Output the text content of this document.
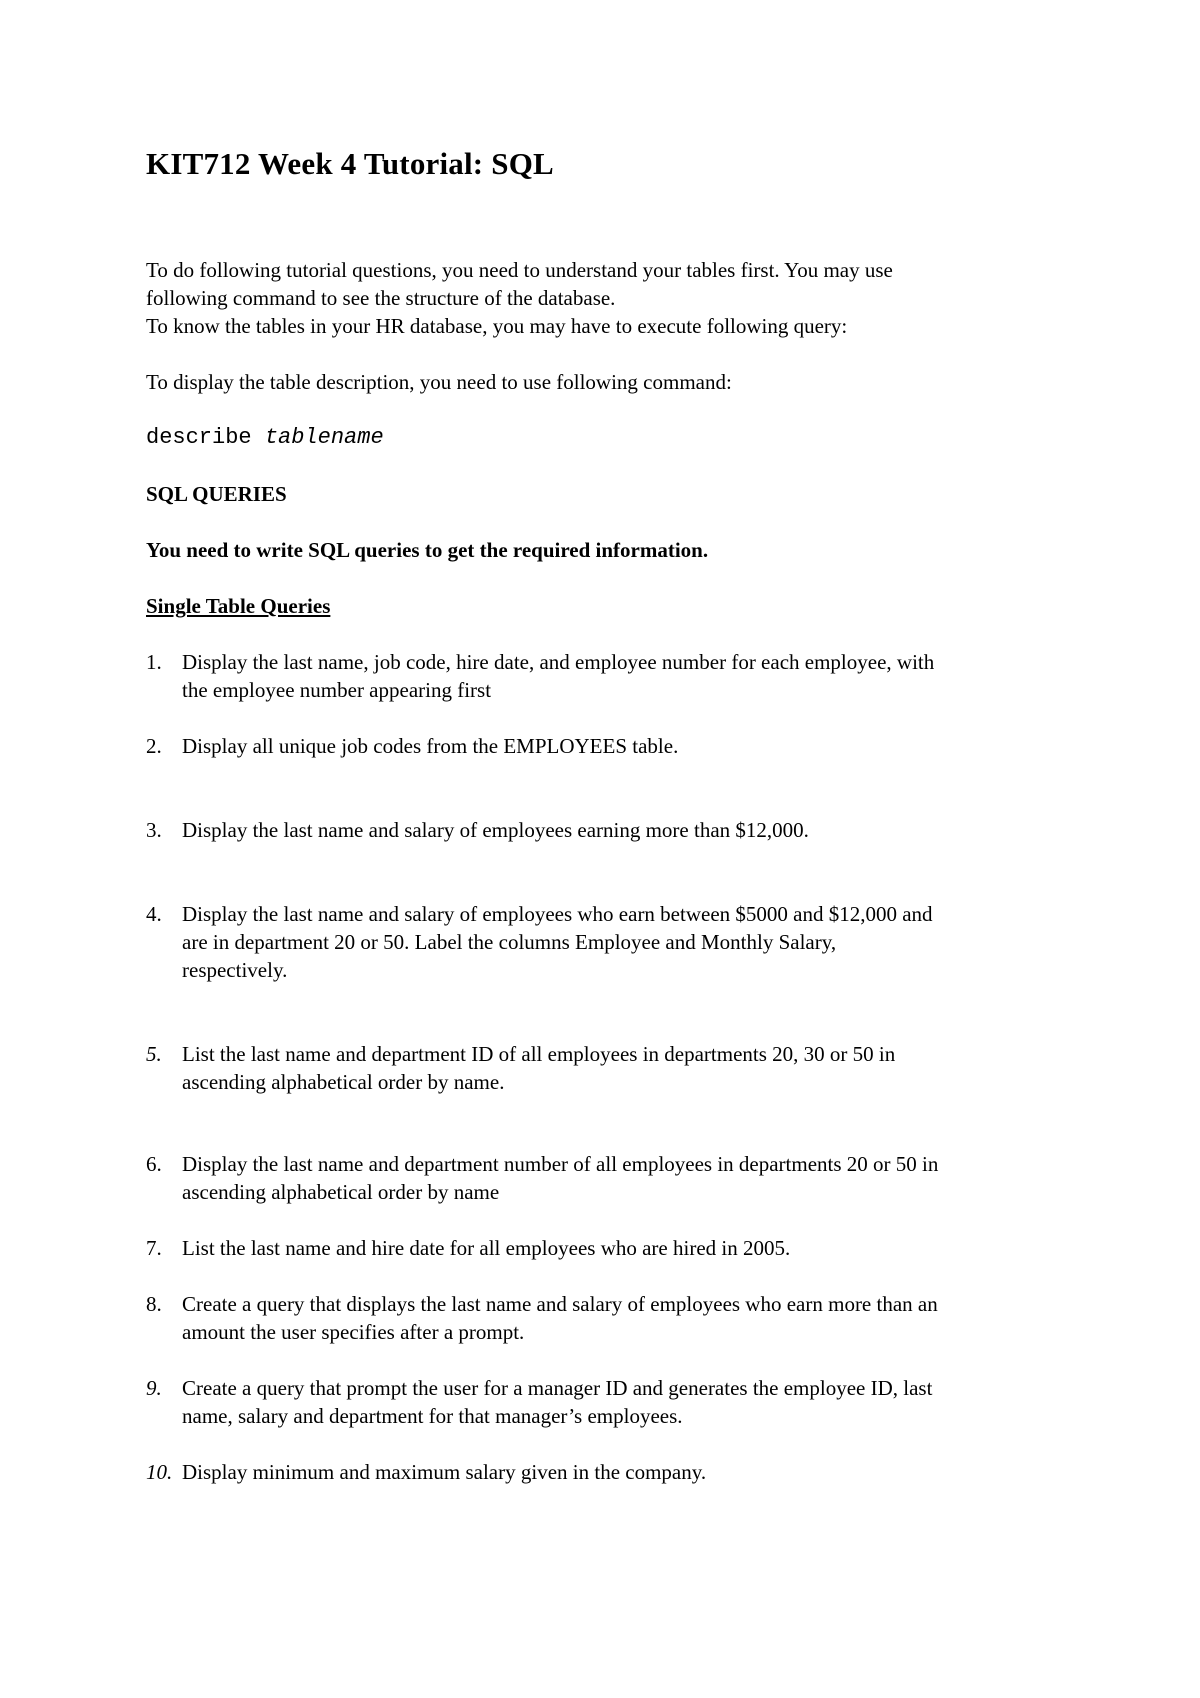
KIT712 Week 4 Tutorial: SQL

To do following tutorial questions, you need to understand your tables first. You may use

following command to see the structure of the database.

To know the tables in your HR database, you may have to execute following query:

To display the table description, you need to use following command:

describe tablename

SQL QUERIES

You need to write SQL queries to get the required information.

Single Table Queries

1. Display the last name, job code, hire date, and employee number for each employee, with
the employee number appearing first
2. Display all unique job codes from the EMPLOYEES table.
3. Display the last name and salary of employees earning more than $12,000.
4. Display the last name and salary of employees who earn between $5000 and $12,000 and
are in department 20 or 50. Label the columns Employee and Monthly Salary,
respectively.
5. List the last name and department ID of all employees in departments 20, 30 or 50 in
ascending alphabetical order by name.
6. Display the last name and department number of all employees in departments 20 or 50 in
ascending alphabetical order by name
7. List the last name and hire date for all employees who are hired in 2005.
8. Create a query that displays the last name and salary of employees who earn more than an
amount the user specifies after a prompt.
9. Create a query that prompt the user for a manager ID and generates the employee ID, last
name, salary and department for that manager’s employees.
10. Display minimum and maximum salary given in the company.
